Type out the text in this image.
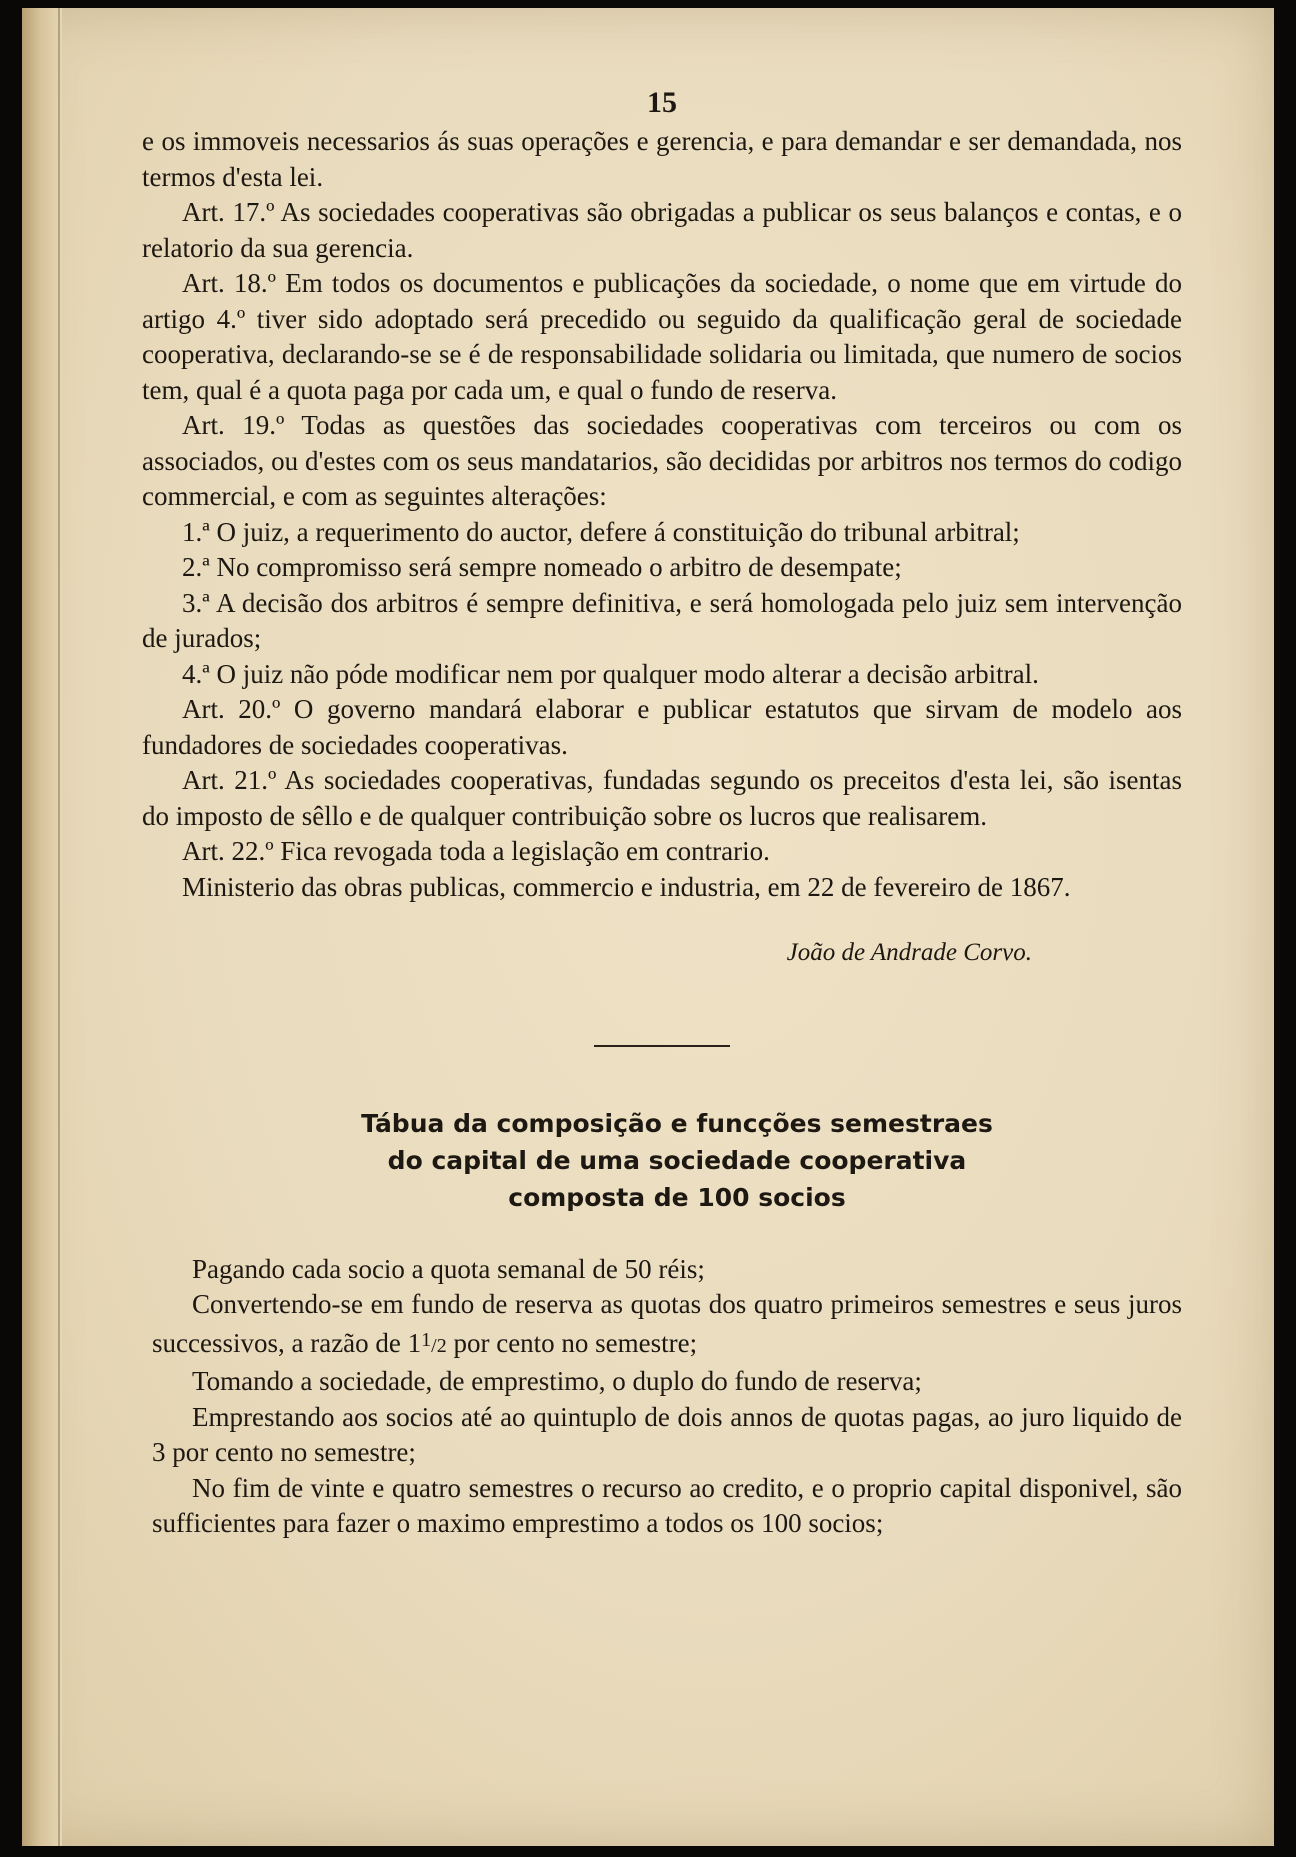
15

e os immoveis necessarios ás suas operações e gerencia, e para demandar e ser demandada, nos termos d'esta lei.

Art. 17.º As sociedades cooperativas são obrigadas a publicar os seus balanços e contas, e o relatorio da sua gerencia.

Art. 18.º Em todos os documentos e publicações da sociedade, o nome que em virtude do artigo 4.º tiver sido adoptado será precedido ou seguido da qualificação geral de sociedade cooperativa, declarando-se se é de responsabilidade solidaria ou limitada, que numero de socios tem, qual é a quota paga por cada um, e qual o fundo de reserva.

Art. 19.º Todas as questões das sociedades cooperativas com terceiros ou com os associados, ou d'estes com os seus mandatarios, são decididas por arbitros nos termos do codigo commercial, e com as seguintes alterações:

1.ª O juiz, a requerimento do auctor, defere á constituição do tribunal arbitral;

2.ª No compromisso será sempre nomeado o arbitro de desempate;

3.ª A decisão dos arbitros é sempre definitiva, e será homologada pelo juiz sem intervenção de jurados;

4.ª O juiz não póde modificar nem por qualquer modo alterar a decisão arbitral.

Art. 20.º O governo mandará elaborar e publicar estatutos que sirvam de modelo aos fundadores de sociedades cooperativas.

Art. 21.º As sociedades cooperativas, fundadas segundo os preceitos d'esta lei, são isentas do imposto de sêllo e de qualquer contribuição sobre os lucros que realisarem.

Art. 22.º Fica revogada toda a legislação em contrario.

Ministerio das obras publicas, commercio e industria, em 22 de fevereiro de 1867.

João de Andrade Corvo.
Tábua da composição e funcções semestraes
do capital de uma sociedade cooperativa
composta de 100 socios

Pagando cada socio a quota semanal de 50 réis;

Convertendo-se em fundo de reserva as quotas dos quatro primeiros semestres e seus juros successivos, a razão de $1^1/2$ por cento no semestre;

Tomando a sociedade, de emprestimo, o duplo do fundo de reserva;

Emprestando aos socios até ao quintuplo de dois annos de quotas pagas, ao juro liquido de 3 por cento no semestre;

No fim de vinte e quatro semestres o recurso ao credito, e o proprio capital disponivel, são sufficientes para fazer o maximo emprestimo a todos os 100 socios;
